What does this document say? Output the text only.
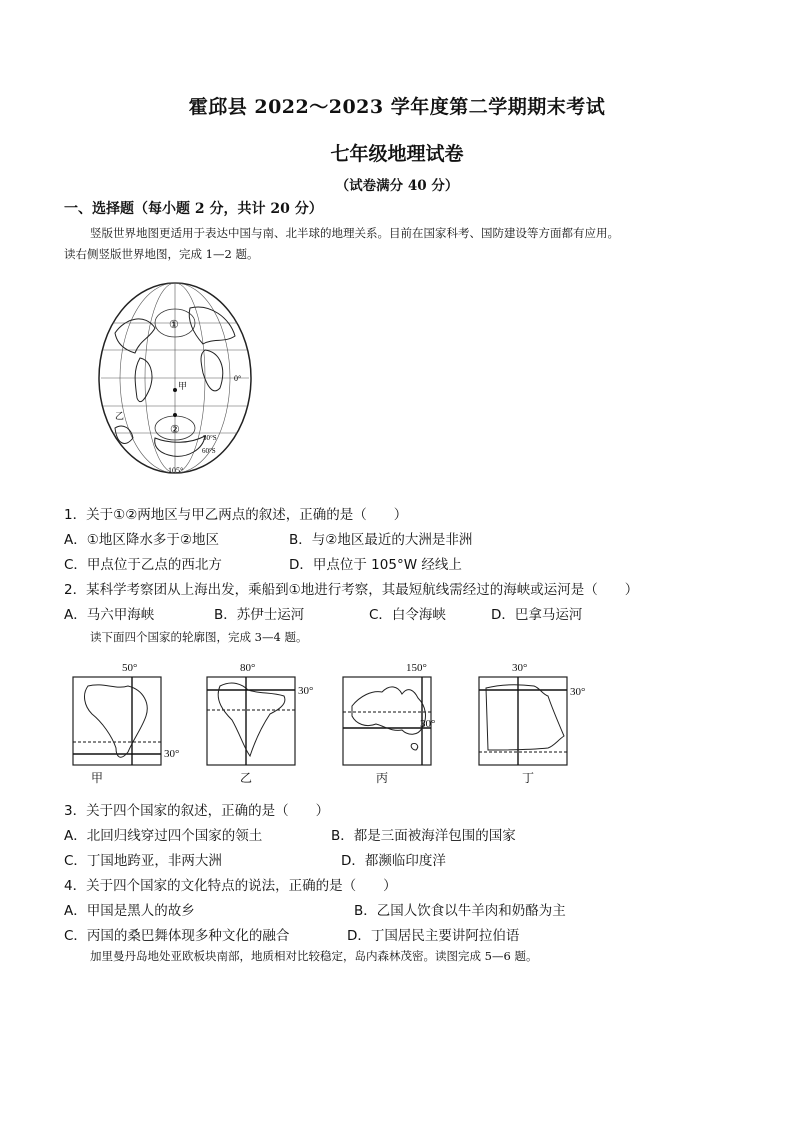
霍邱县 2022～2023 学年度第二学期期末考试
七年级地理试卷
（试卷满分 40 分）
一、选择题（每小题 2 分，共计 20 分）
竖版世界地图更适用于表达中国与南、北半球的地理关系。目前在国家科考、国防建设等方面都有应用。
读右侧竖版世界地图，完成 1—2 题。
①
②
甲
乙
0°
30°S
60°S
105°
1．关于①②两地区与甲乙两点的叙述，正确的是（　　）
A．①地区降水多于②地区	B．与②地区最近的大洲是非洲
C．甲点位于乙点的西北方	D．甲点位于 105°W 经线上
2．某科学考察团从上海出发，乘船到①地进行考察，其最短航线需经过的海峡或运河是（　　）
A．马六甲海峡	B．苏伊士运河	C．白令海峡	D．巴拿马运河
读下面四个国家的轮廓图，完成 3—4 题。
50°
30°
甲
80°
30°
乙
150°
30°
丙
30°
30°
丁
3．关于四个国家的叙述，正确的是（　　）
A．北回归线穿过四个国家的领土	B．都是三面被海洋包围的国家
C．丁国地跨亚，非两大洲	D．都濒临印度洋
4．关于四个国家的文化特点的说法，正确的是（　　）
A．甲国是黑人的故乡	B．乙国人饮食以牛羊肉和奶酪为主
C．丙国的桑巴舞体现多种文化的融合	D．丁国居民主要讲阿拉伯语
加里曼丹岛地处亚欧板块南部，地质相对比较稳定，岛内森林茂密。读图完成 5—6 题。
